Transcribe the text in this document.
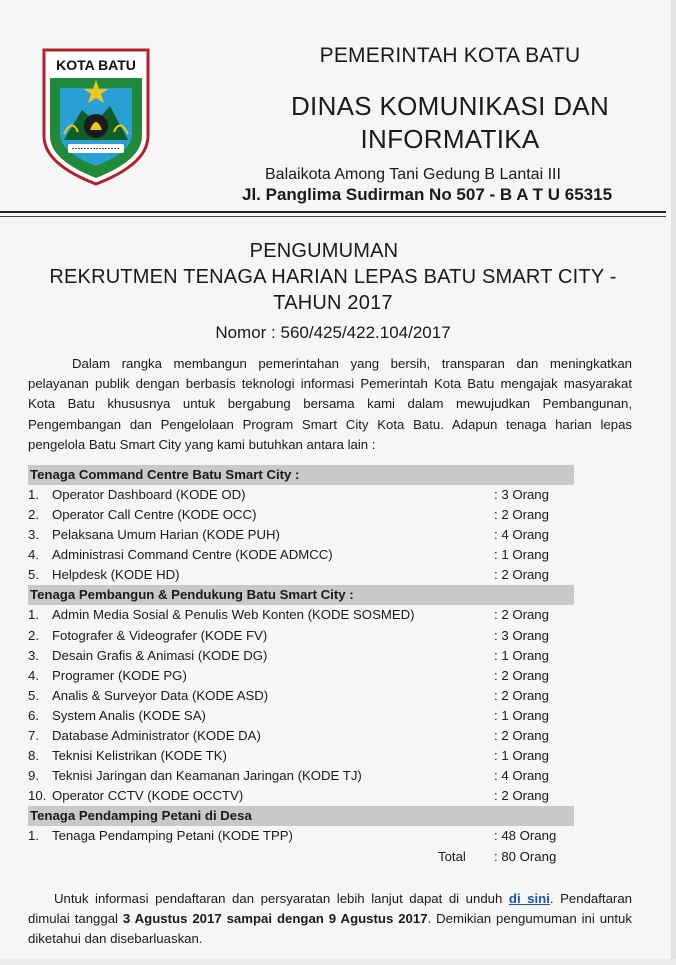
KOTA BATU	PEMERINTAH KOTA BATU
DINAS KOMUNIKASI DAN
INFORMATIKA
Balaikota Among Tani Gedung B Lantai III
Jl. Panglima Sudirman No 507 - B A T U 65315
PENGUMUMAN
REKRUTMEN TENAGA HARIAN LEPAS BATU SMART CITY -
TAHUN 2017
Nomor : 560/425/422.104/2017
Dalam rangka membangun pemerintahan yang bersih, transparan dan meningkatkan pelayanan publik dengan berbasis teknologi informasi Pemerintah Kota Batu mengajak masyarakat Kota Batu khususnya untuk bergabung bersama kami dalam mewujudkan Pembangunan, Pengembangan dan Pengelolaan Program Smart City Kota Batu. Adapun tenaga harian lepas pengelola Batu Smart City yang kami butuhkan antara lain :
Tenaga Command Centre Batu Smart City :
1. Operator Dashboard (KODE OD)	: 3 Orang
2. Operator Call Centre (KODE OCC)	: 2 Orang
3. Pelaksana Umum Harian (KODE PUH)	: 4 Orang
4. Administrasi Command Centre (KODE ADMCC)	: 1 Orang
5. Helpdesk (KODE HD)	: 2 Orang
Tenaga Pembangun & Pendukung Batu Smart City :
1. Admin Media Sosial & Penulis Web Konten (KODE SOSMED)	: 2 Orang
2. Fotografer & Videografer (KODE FV)	: 3 Orang
3. Desain Grafis & Animasi (KODE DG)	: 1 Orang
4. Programer (KODE PG)	: 2 Orang
5. Analis & Surveyor Data (KODE ASD)	: 2 Orang
6. System Analis (KODE SA)	: 1 Orang
7. Database Administrator (KODE DA)	: 2 Orang
8. Teknisi Kelistrikan (KODE TK)	: 1 Orang
9. Teknisi Jaringan dan Keamanan Jaringan (KODE TJ)	: 4 Orang
10. Operator CCTV (KODE OCCTV)	: 2 Orang
Tenaga Pendamping Petani di Desa
1. Tenaga Pendamping Petani (KODE TPP)	: 48 Orang
Total : 80 Orang
Untuk informasi pendaftaran dan persyaratan lebih lanjut dapat di unduh di sini. Pendaftaran dimulai tanggal 3 Agustus 2017 sampai dengan 9 Agustus 2017. Demikian pengumuman ini untuk diketahui dan disebarluaskan.
